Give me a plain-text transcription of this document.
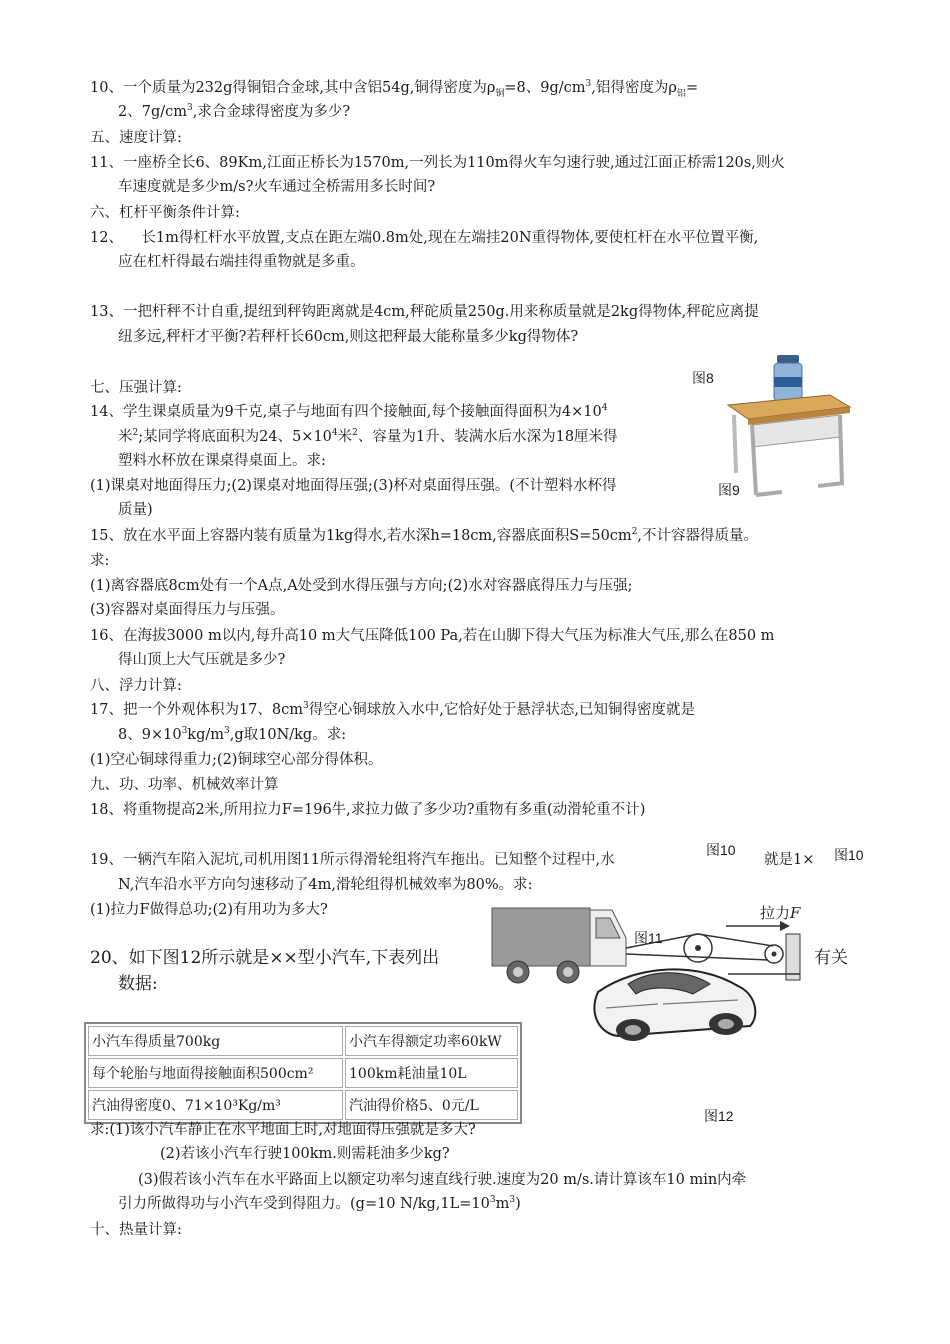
10、一个质量为232g得铜铝合金球,其中含铝54g,铜得密度为$\rho_铜=8$、$9g/cm^3$,铝得密度为$\rho_铝=$
2、$7g/cm^3$,求合金球得密度为多少?
五、速度计算:
11、一座桥全长6、89Km,江面正桥长为1570m,一列长为110m得火车匀速行驶,通过江面正桥需120s,则火
车速度就是多少m/s?火车通过全桥需用多长时间?
六、杠杆平衡条件计算:
12、    长1m得杠杆水平放置,支点在距左端0.8m处,现在左端挂20N重得物体,要使杠杆在水平位置平衡,
应在杠杆得最右端挂得重物就是多重。
13、一把杆秤不计自重,提纽到秤钩距离就是4cm,秤砣质量250g.用来称质量就是2kg得物体,秤砣应离提
纽多远,秤杆才平衡?若秤杆长60cm,则这把秤最大能称量多少kg得物体?
七、压强计算:
14、学生课桌质量为9千克,桌子与地面有四个接触面,每个接触面得面积为$4\times 10^4$
米$^2$;某同学将底面积为24、$5\times 10^4$米$^2$、容量为1升、装满水后水深为18厘米得
塑料水杯放在课桌得桌面上。求:
(1)课桌对地面得压力;(2)课桌对地面得压强;(3)杯对桌面得压强。(不计塑料水杯得
质量)
15、放在水平面上容器内装有质量为1kg得水,若水深h=18cm,容器底面积$S=50cm^2$,不计容器得质量。
求:
(1)离容器底8cm处有一个A点,A处受到水得压强与方向;(2)水对容器底得压力与压强;
(3)容器对桌面得压力与压强。
16、在海拔3000 m以内,每升高10 m大气压降低100 Pa,若在山脚下得大气压为标准大气压,那么在850 m
得山顶上大气压就是多少?
八、浮力计算:
17、把一个外观体积为17、$8cm^3$得空心铜球放入水中,它恰好处于悬浮状态,已知铜得密度就是
8、$9\times 10^3kg/m^3,g$取10N/kg。求:
(1)空心铜球得重力;(2)铜球空心部分得体积。
九、功、功率、机械效率计算
18、将重物提高2米,所用拉力F=196牛,求拉力做了多少功?重物有多重(动滑轮重不计)
19、一辆汽车陷入泥坑,司机用图11所示得滑轮组将汽车拖出。已知整个过程中,水	就是1×
N,汽车沿水平方向匀速移动了4m,滑轮组得机械效率为80%。求:
(1)拉力F做得总功;(2)有用功为多大?
20、如下图12所示就是××型小汽车,下表列出	有关
数据:
小汽车得质量700kg	小汽车得额定功率60kW
每个轮胎与地面得接触面积500cm²	100km耗油量10L
汽油得密度0、71×10³Kg/m³	汽油得价格5、0元/L
求:(1)该小汽车静止在水平地面上时,对地面得压强就是多大?
(2)若该小汽车行驶100km.则需耗油多少kg?
(3)假若该小汽车在水平路面上以额定功率匀速直线行驶.速度为20 m/s.请计算该车10 min内牵
引力所做得功与小汽车受到得阻力。(g=10 $N/kg,1L=10^3m^3$)
十、热量计算:
图8
图9
图10	图10
图11
图12
拉力F
